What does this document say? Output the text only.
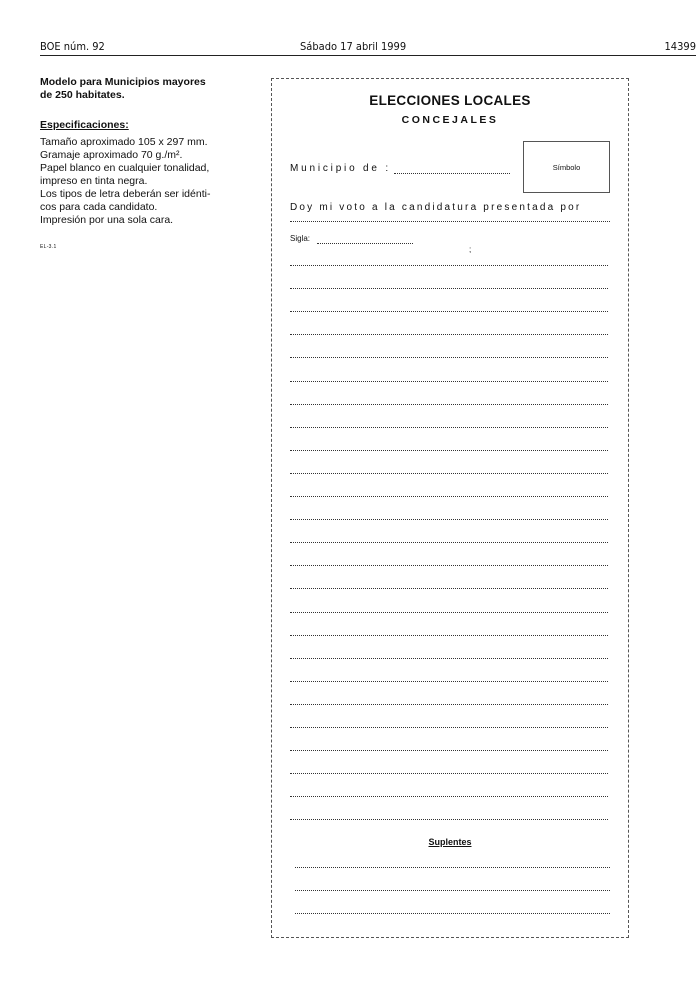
BOE núm. 92	Sábado 17 abril 1999	14399
Modelo para Municipios mayores
de 250 habitates.
Especificaciones:
Tamaño aproximado 105 x 297 mm.
Gramaje aproximado 70 g./m².
Papel blanco en cualquier tonalidad,
impreso en tinta negra.
Los tipos de letra deberán ser idénti-
cos para cada candidato.
Impresión por una sola cara.
EL-3.1
ELECCIONES LOCALES
CONCEJALES
Municipio de :	Símbolo
Doy mi voto a la candidatura presentada por
Sigla:
;
Suplentes
